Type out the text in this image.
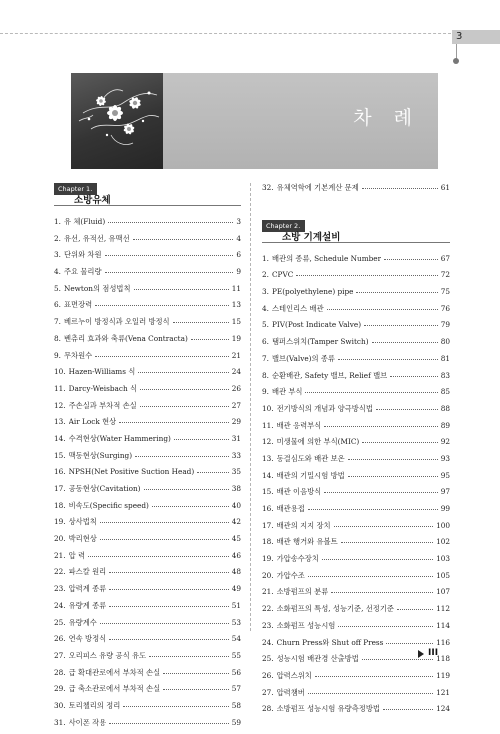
3
차 례
Chapter 1.
소방유체
1. 유 체(Fluid)	3
2. 유선, 유적선, 유맥선	4
3. 단위와 차원	6
4. 주요 물리량	9
5. Newton의 점성법칙	11
6. 표면장력	13
7. 베르누이 방정식과 오일러 방정식	15
8. 벤츄리 효과와 축류(Vena Contracta)	19
9. 무차원수	21
10. Hazen-Williams 식	24
11. Darcy-Weisbach 식	26
12. 주손실과 부차적 손실	27
13. Air Lock 현상	29
14. 수격현상(Water Hammering)	31
15. 맥동현상(Surging)	33
16. NPSH(Net Positive Suction Head)	35
17. 공동현상(Cavitation)	38
18. 비속도(Specific speed)	40
19. 상사법칙	42
20. 박리현상	45
21. 압 력	46
22. 파스칼 원리	48
23. 압력계 종류	49
24. 유량계 종류	51
25. 유량계수	53
26. 연속 방정식	54
27. 오리피스 유량 공식 유도	55
28. 급 확대관로에서 부차적 손실	56
29. 급 축소관로에서 부차적 손실	57
30. 토리첼리의 정리	58
31. 사이폰 작용	59
32. 유체역학에 기본계산 문제	61
Chapter 2.
소방 기계설비
1. 배관의 종류, Schedule Number	67
2. CPVC	72
3. PE(polyethylene) pipe	75
4. 스테인리스 배관	76
5. PIV(Post Indicate Valve)	79
6. 탬퍼스위치(Tamper Switch)	80
7. 밸브(Valve)의 종류	81
8. 순환배관, Safety 밸브, Relief 밸브	83
9. 배관 부식	85
10. 전기방식의 개념과 양극방식법	88
11. 배관 응력부식	89
12. 미생물에 의한 부식(MIC)	92
13. 동결심도와 배관 보온	93
14. 배관의 기밀시험 방법	95
15. 배관 이음방식	97
16. 배관용접	99
17. 배관의 지지 장치	100
18. 배관 행거와 유볼트	102
19. 가압송수장치	103
20. 가압수조	105
21. 소방펌프의 분류	107
22. 소화펌프의 특성, 성능기준, 선정기준	112
23. 소화펌프 성능시험	114
24. Churn Press와 Shut off Press	116
25. 성능시험 배관경 산출방법	118
26. 압력스위치	119
27. 압력챔버	121
28. 소방펌프 성능시험 유량측정방법	124
III
